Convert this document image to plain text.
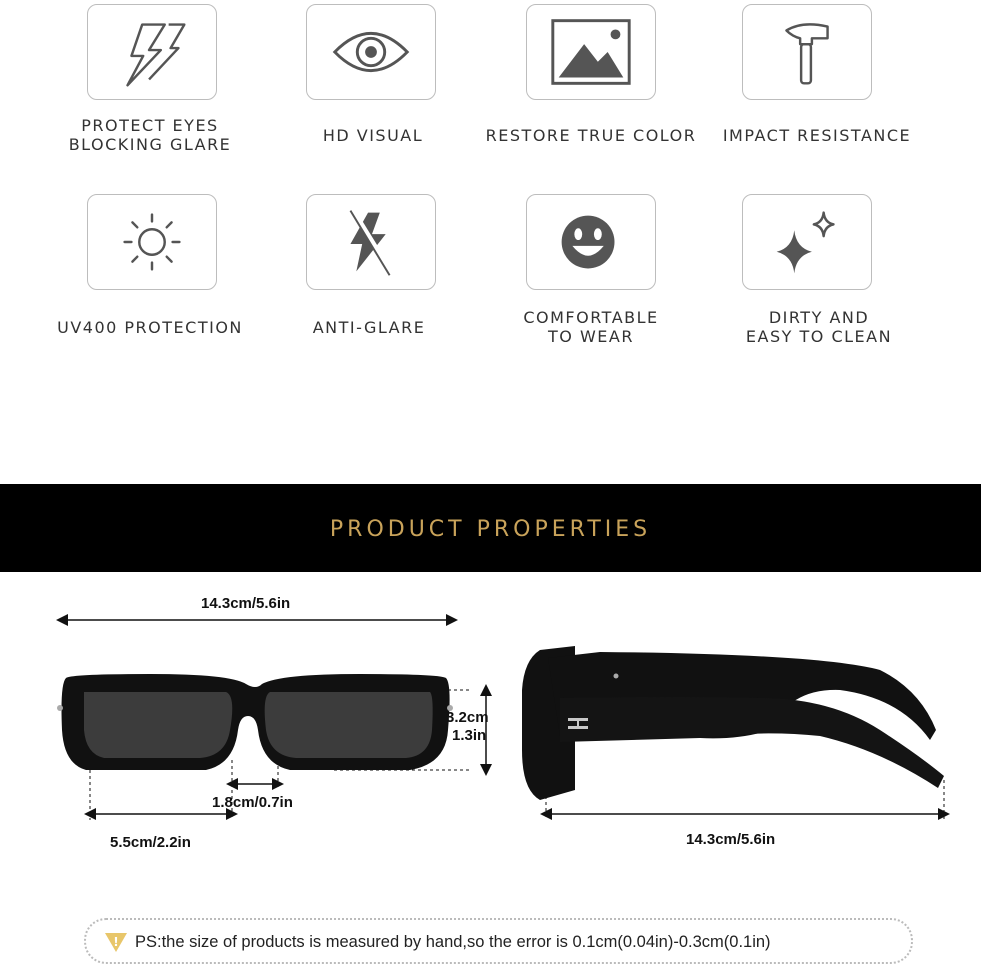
PROTECT EYES
BLOCKING GLARE	HD VISUAL	RESTORE TRUE COLOR	IMPACT RESISTANCE
UV400 PROTECTION	ANTI-GLARE
COMFORTABLE
TO WEAR
DIRTY AND
EASY TO CLEAN
PRODUCT PROPERTIES
14.3cm/5.6in
3.2cm
1.3in
1.8cm/0.7in
5.5cm/2.2in	14.3cm/5.6in
! PS:the size of products is measured by hand,so the error is 0.1cm(0.04in)-0.3cm(0.1in)
